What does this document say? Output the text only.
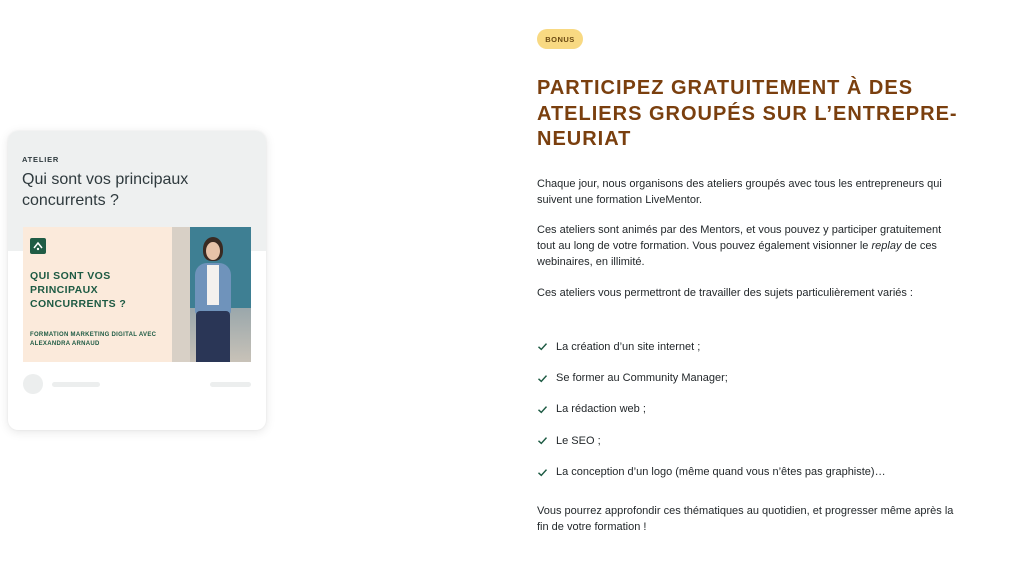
ATELIER
Qui sont vos principaux concurrents ?
QUI SONT VOS PRINCIPAUX CONCURRENTS ?
FORMATION MARKETING DIGITAL AVEC ALEXANDRA ARNAUD
BONUS
PARTICIPEZ GRATUITEMENT À DES ATELIERS GROUPÉS SUR L’ENTREPRE-NEURIAT

Chaque jour, nous organisons des ateliers groupés avec tous les entrepreneurs qui suivent une formation LiveMentor.

Ces ateliers sont animés par des Mentors, et vous pouvez y participer gratuitement tout au long de votre formation. Vous pouvez également visionner le replay de ces webinaires, en illimité.

Ces ateliers vous permettront de travailler des sujets particulièrement variés :

La création d’un site internet ;
Se former au Community Manager;
La rédaction web ;
Le SEO ;
La conception d’un logo (même quand vous n’êtes pas graphiste)…

Vous pourrez approfondir ces thématiques au quotidien, et progresser même après la fin de votre formation !
